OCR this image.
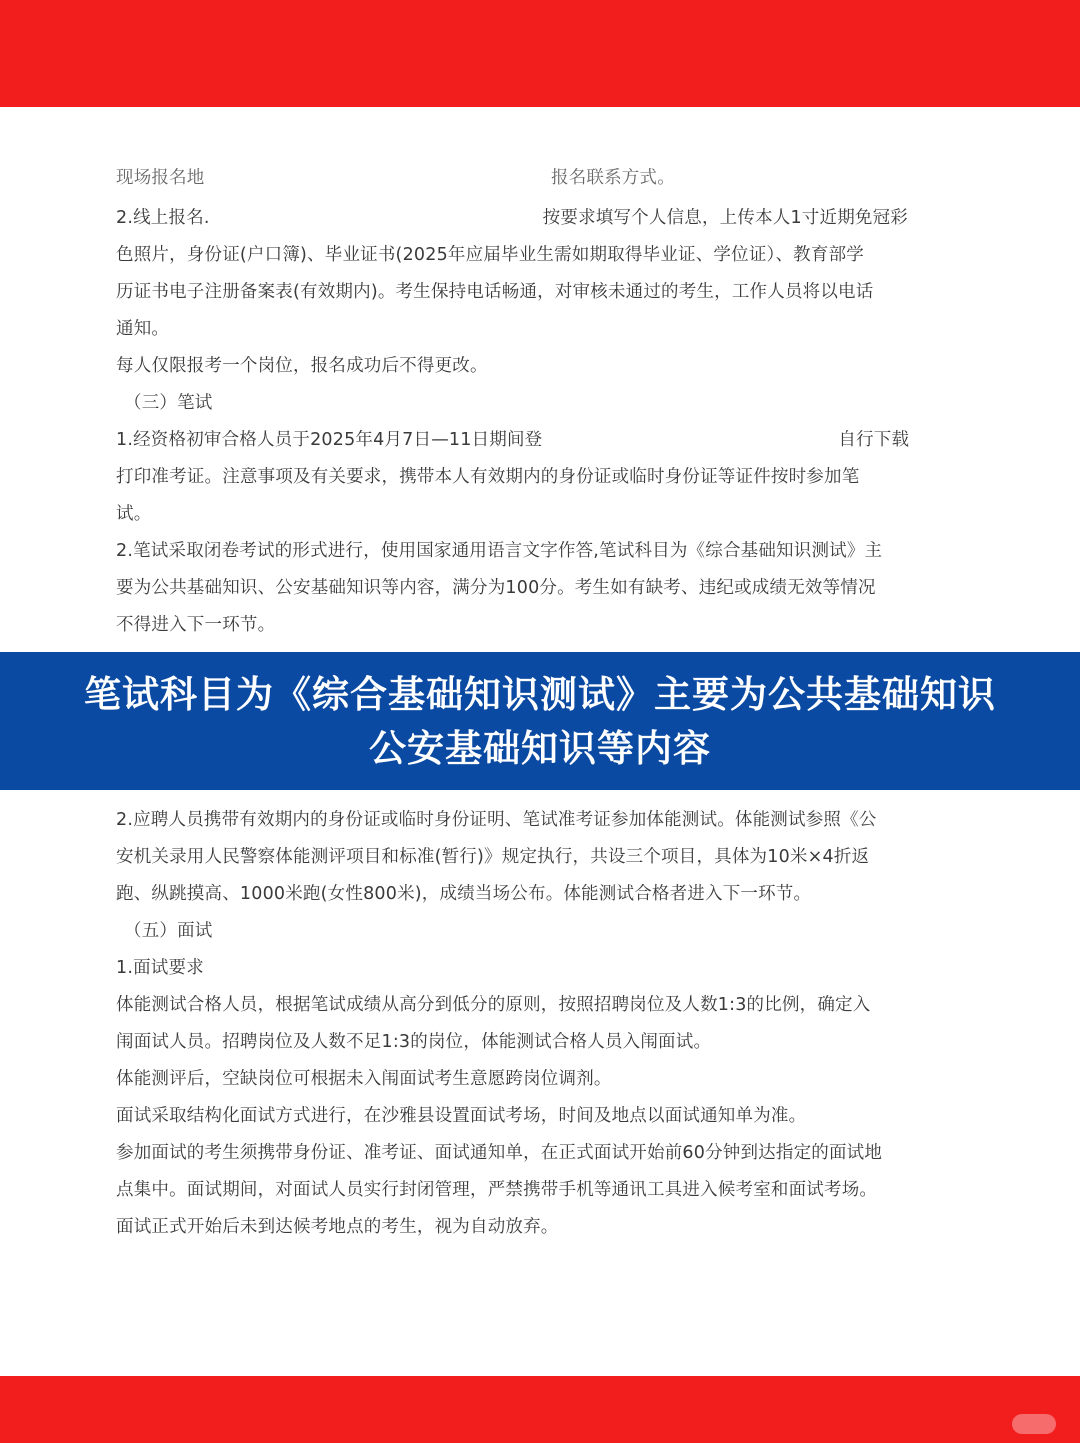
现场报名地	报名联系方式。

2.线上报名.	按要求填写个人信息，上传本人1寸近期免冠彩

色照片，身份证(户口簿)、毕业证书(2025年应届毕业生需如期取得毕业证、学位证）、教育部学

历证书电子注册备案表(有效期内)。考生保持电话畅通，对审核未通过的考生，工作人员将以电话

通知。

每人仅限报考一个岗位，报名成功后不得更改。

（三）笔试

1.经资格初审合格人员于2025年4月7日—11日期间登	自行下载

打印准考证。注意事项及有关要求，携带本人有效期内的身份证或临时身份证等证件按时参加笔

试。

2.笔试采取闭卷考试的形式进行，使用国家通用语言文字作答,笔试科目为《综合基础知识测试》主

要为公共基础知识、公安基础知识等内容，满分为100分。考生如有缺考、违纪或成绩无效等情况

不得进入下一环节。

笔试科目为《综合基础知识测试》主要为公共基础知识
公安基础知识等内容

2.应聘人员携带有效期内的身份证或临时身份证明、笔试准考证参加体能测试。体能测试参照《公

安机关录用人民警察体能测评项目和标准(暂行)》规定执行，共设三个项目，具体为10米×4折返

跑、纵跳摸高、1000米跑(女性800米)，成绩当场公布。体能测试合格者进入下一环节。

（五）面试

1.面试要求

体能测试合格人员，根据笔试成绩从高分到低分的原则，按照招聘岗位及人数1:3的比例，确定入

闱面试人员。招聘岗位及人数不足1:3的岗位，体能测试合格人员入闱面试。

体能测评后，空缺岗位可根据未入闱面试考生意愿跨岗位调剂。

面试采取结构化面试方式进行，在沙雅县设置面试考场，时间及地点以面试通知单为准。

参加面试的考生须携带身份证、准考证、面试通知单，在正式面试开始前60分钟到达指定的面试地

点集中。面试期间，对面试人员实行封闭管理，严禁携带手机等通讯工具进入候考室和面试考场。

面试正式开始后未到达候考地点的考生，视为自动放弃。
